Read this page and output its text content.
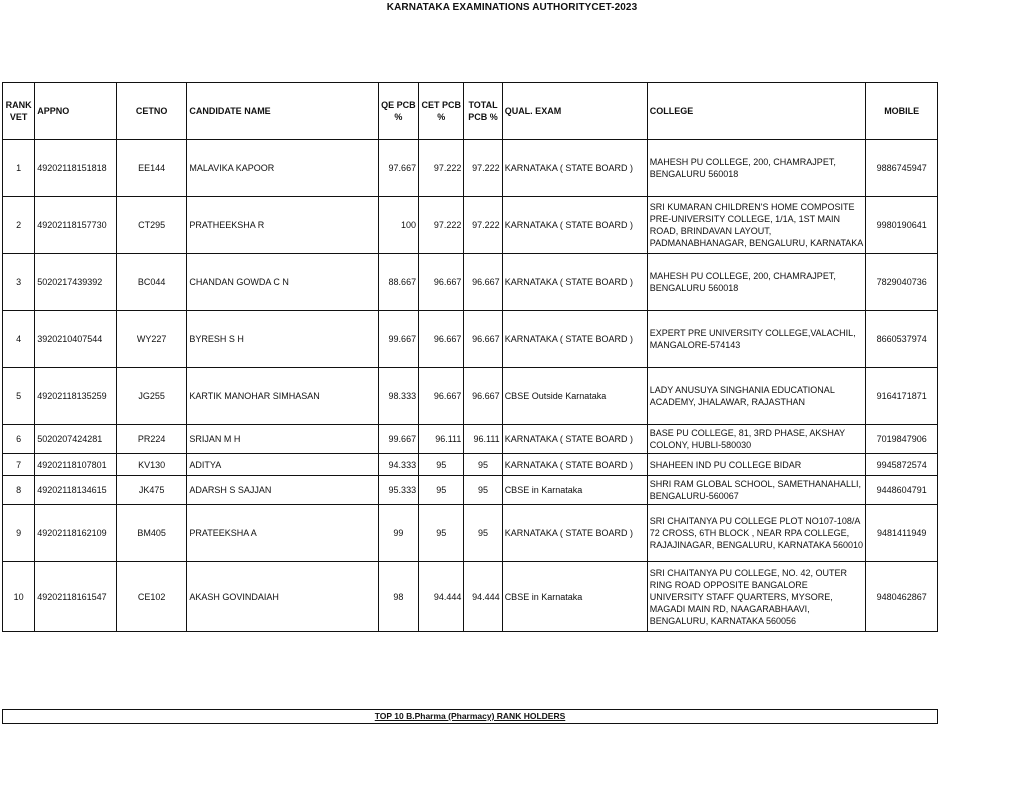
KARNATAKA EXAMINATIONS AUTHORITYCET-2023
RANK VET	APPNO	CETNO	CANDIDATE NAME	QE PCB %	CET PCB %	TOTAL PCB %	QUAL. EXAM	COLLEGE	MOBILE
1	49202118151818	EE144	MALAVIKA KAPOOR	97.667	97.222	97.222	KARNATAKA ( STATE BOARD )	MAHESH PU COLLEGE, 200, CHAMRAJPET, BENGALURU 560018	9886745947
2	49202118157730	CT295	PRATHEEKSHA R	100	97.222	97.222	KARNATAKA ( STATE BOARD )	SRI KUMARAN CHILDREN'S HOME COMPOSITE PRE-UNIVERSITY COLLEGE, 1/1A, 1ST MAIN ROAD, BRINDAVAN LAYOUT, PADMANABHANAGAR, BENGALURU, KARNATAKA	9980190641
3	5020217439392	BC044	CHANDAN GOWDA C N	88.667	96.667	96.667	KARNATAKA ( STATE BOARD )	MAHESH PU COLLEGE, 200, CHAMRAJPET, BENGALURU 560018	7829040736
4	3920210407544	WY227	BYRESH S H	99.667	96.667	96.667	KARNATAKA ( STATE BOARD )	EXPERT PRE UNIVERSITY COLLEGE,VALACHIL, MANGALORE-574143	8660537974
5	49202118135259	JG255	KARTIK MANOHAR SIMHASAN	98.333	96.667	96.667	CBSE Outside Karnataka	LADY ANUSUYA SINGHANIA EDUCATIONAL ACADEMY, JHALAWAR, RAJASTHAN	9164171871
6	5020207424281	PR224	SRIJAN M H	99.667	96.111	96.111	KARNATAKA ( STATE BOARD )	BASE PU COLLEGE, 81, 3RD PHASE, AKSHAY COLONY, HUBLI-580030	7019847906
7	49202118107801	KV130	ADITYA	94.333	95	95	KARNATAKA ( STATE BOARD )	SHAHEEN IND PU COLLEGE BIDAR	9945872574
8	49202118134615	JK475	ADARSH S SAJJAN	95.333	95	95	CBSE in Karnataka	SHRI RAM GLOBAL SCHOOL, SAMETHANAHALLI, BENGALURU-560067	9448604791
9	49202118162109	BM405	PRATEEKSHA A	99	95	95	KARNATAKA ( STATE BOARD )	SRI CHAITANYA PU COLLEGE PLOT NO107-108/A 72 CROSS, 6TH BLOCK , NEAR RPA COLLEGE, RAJAJINAGAR, BENGALURU, KARNATAKA 560010	9481411949
10	49202118161547	CE102	AKASH GOVINDAIAH	98	94.444	94.444	CBSE in Karnataka	SRI CHAITANYA PU COLLEGE, NO. 42, OUTER RING ROAD OPPOSITE BANGALORE UNIVERSITY STAFF QUARTERS, MYSORE, MAGADI MAIN RD, NAAGARABHAAVI, BENGALURU, KARNATAKA 560056	9480462867
TOP 10 B.Pharma (Pharmacy) RANK HOLDERS
